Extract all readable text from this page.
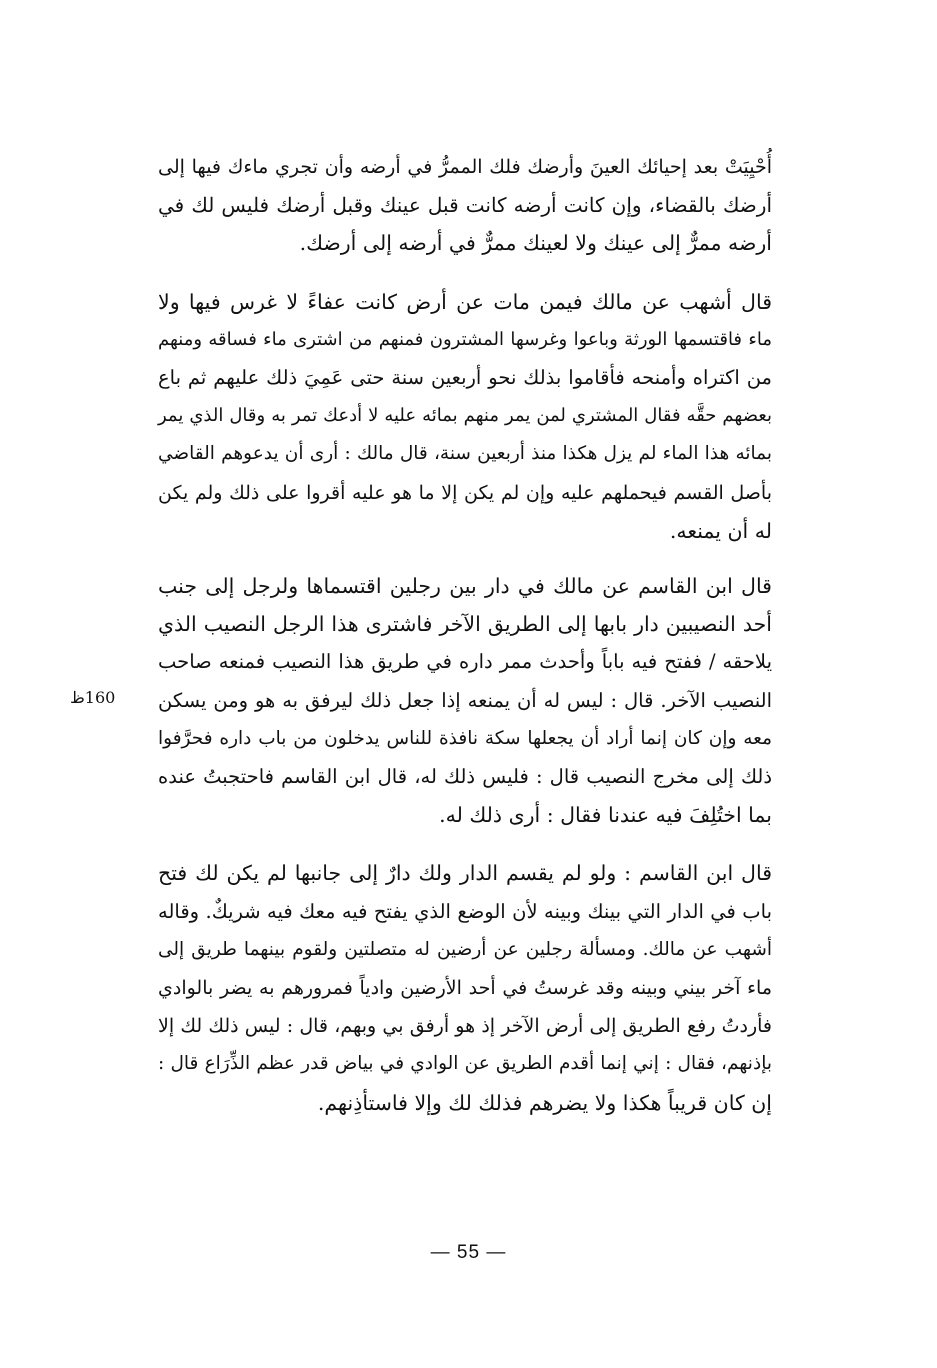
أُحْيِيَتْ بعد إحيائك العينَ وأرضك فلك الممرُّ في أرضه وأن تجري ماءك فيها إلى
أرضك بالقضاء، وإن كانت أرضه كانت قبل عينك وقبل أرضك فليس لك في
أرضه ممرٌّ إلى عينك ولا لعينك ممرٌّ في أرضه إلى أرضك.

قال أشهب عن مالك فيمن مات عن أرض كانت عفاءً لا غرس فيها ولا
ماء فاقتسمها الورثة وباعوا وغرسها المشترون فمنهم من اشترى ماء فساقه ومنهم
من اكتراه وأمنحه فأقاموا بذلك نحو أربعين سنة حتى عَمِيَ ذلك عليهم ثم باع
بعضهم حقَّه فقال المشتري لمن يمر منهم بمائه عليه لا أدعك تمر به وقال الذي يمر
بمائه هذا الماء لم يزل هكذا منذ أربعين سنة، قال مالك : أرى أن يدعوهم القاضي
بأصل القسم فيحملهم عليه وإن لم يكن إلا ما هو عليه أقروا على ذلك ولم يكن
له أن يمنعه.

قال ابن القاسم عن مالك في دار بين رجلين اقتسماها ولرجل إلى جنب
أحد النصيبين دار بابها إلى الطريق الآخر فاشترى هذا الرجل النصيب الذي
يلاحقه / ففتح فيه باباً وأحدث ممر داره في طريق هذا النصيب فمنعه صاحب
النصيب الآخر. قال : ليس له أن يمنعه إذا جعل ذلك ليرفق به هو ومن يسكن
معه وإن كان إنما أراد أن يجعلها سكة نافذة للناس يدخلون من باب داره فحرَّفوا
ذلك إلى مخرج النصيب قال : فليس ذلك له، قال ابن القاسم فاحتجبتُ عنده
بما اختُلِفَ فيه عندنا فقال : أرى ذلك له.

قال ابن القاسم : ولو لم يقسم الدار ولك دارٌ إلى جانبها لم يكن لك فتح
باب في الدار التي بينك وبينه لأن الوضع الذي يفتح فيه معك فيه شريكٌ. وقاله
أشهب عن مالك. ومسألة رجلين عن أرضين له متصلتين ولقوم بينهما طريق إلى
ماء آخر بيني وبينه وقد غرستُ في أحد الأرضين وادياً فمرورهم به يضر بالوادي
فأردتُ رفع الطريق إلى أرض الآخر إذ هو أرفق بي وبهم، قال : ليس ذلك لك إلا
بإذنهم، فقال : إني إنما أقدم الطريق عن الوادي في بياض قدر عظم الذِّرَاع قال :
إن كان قريباً هكذا ولا يضرهم فذلك لك وإلا فاستأذِنهم.

160ظ
— 55 —
